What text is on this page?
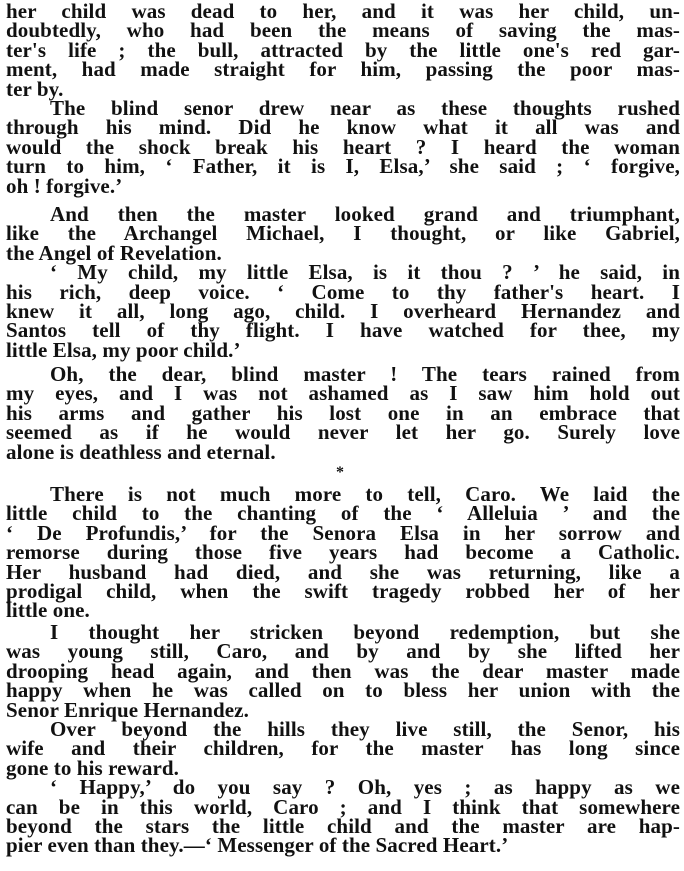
her child was dead to her, and it was her child, un-
doubtedly, who had been the means of saving the mas-
ter's life ; the bull, attracted by the little one's red gar-
ment, had made straight for him, passing the poor mas-
ter by.
The blind senor drew near as these thoughts rushed
through his mind. Did he know what it all was and
would the shock break his heart ? I heard the woman
turn to him, ‘ Father, it is I, Elsa,’ she said ; ‘ forgive,
oh ! forgive.’
And then the master looked grand and triumphant,
like the Archangel Michael, I thought, or like Gabriel,
the Angel of Revelation.
‘ My child, my little Elsa, is it thou ? ’ he said, in
his rich, deep voice. ‘ Come to thy father's heart. I
knew it all, long ago, child. I overheard Hernandez and
Santos tell of thy flight. I have watched for thee, my
little Elsa, my poor child.’
Oh, the dear, blind master ! The tears rained from
my eyes, and I was not ashamed as I saw him hold out
his arms and gather his lost one in an embrace that
seemed as if he would never let her go. Surely love
alone is deathless and eternal.
*
There is not much more to tell, Caro. We laid the
little child to the chanting of the ‘ Alleluia ’ and the
‘ De Profundis,’ for the Senora Elsa in her sorrow and
remorse during those five years had become a Catholic.
Her husband had died, and she was returning, like a
prodigal child, when the swift tragedy robbed her of her
little one.
I thought her stricken beyond redemption, but she
was young still, Caro, and by and by she lifted her
drooping head again, and then was the dear master made
happy when he was called on to bless her union with the
Senor Enrique Hernandez.
Over beyond the hills they live still, the Senor, his
wife and their children, for the master has long since
gone to his reward.
‘ Happy,’ do you say ? Oh, yes ; as happy as we
can be in this world, Caro ; and I think that somewhere
beyond the stars the little child and the master are hap-
pier even than they.—‘ Messenger of the Sacred Heart.’
